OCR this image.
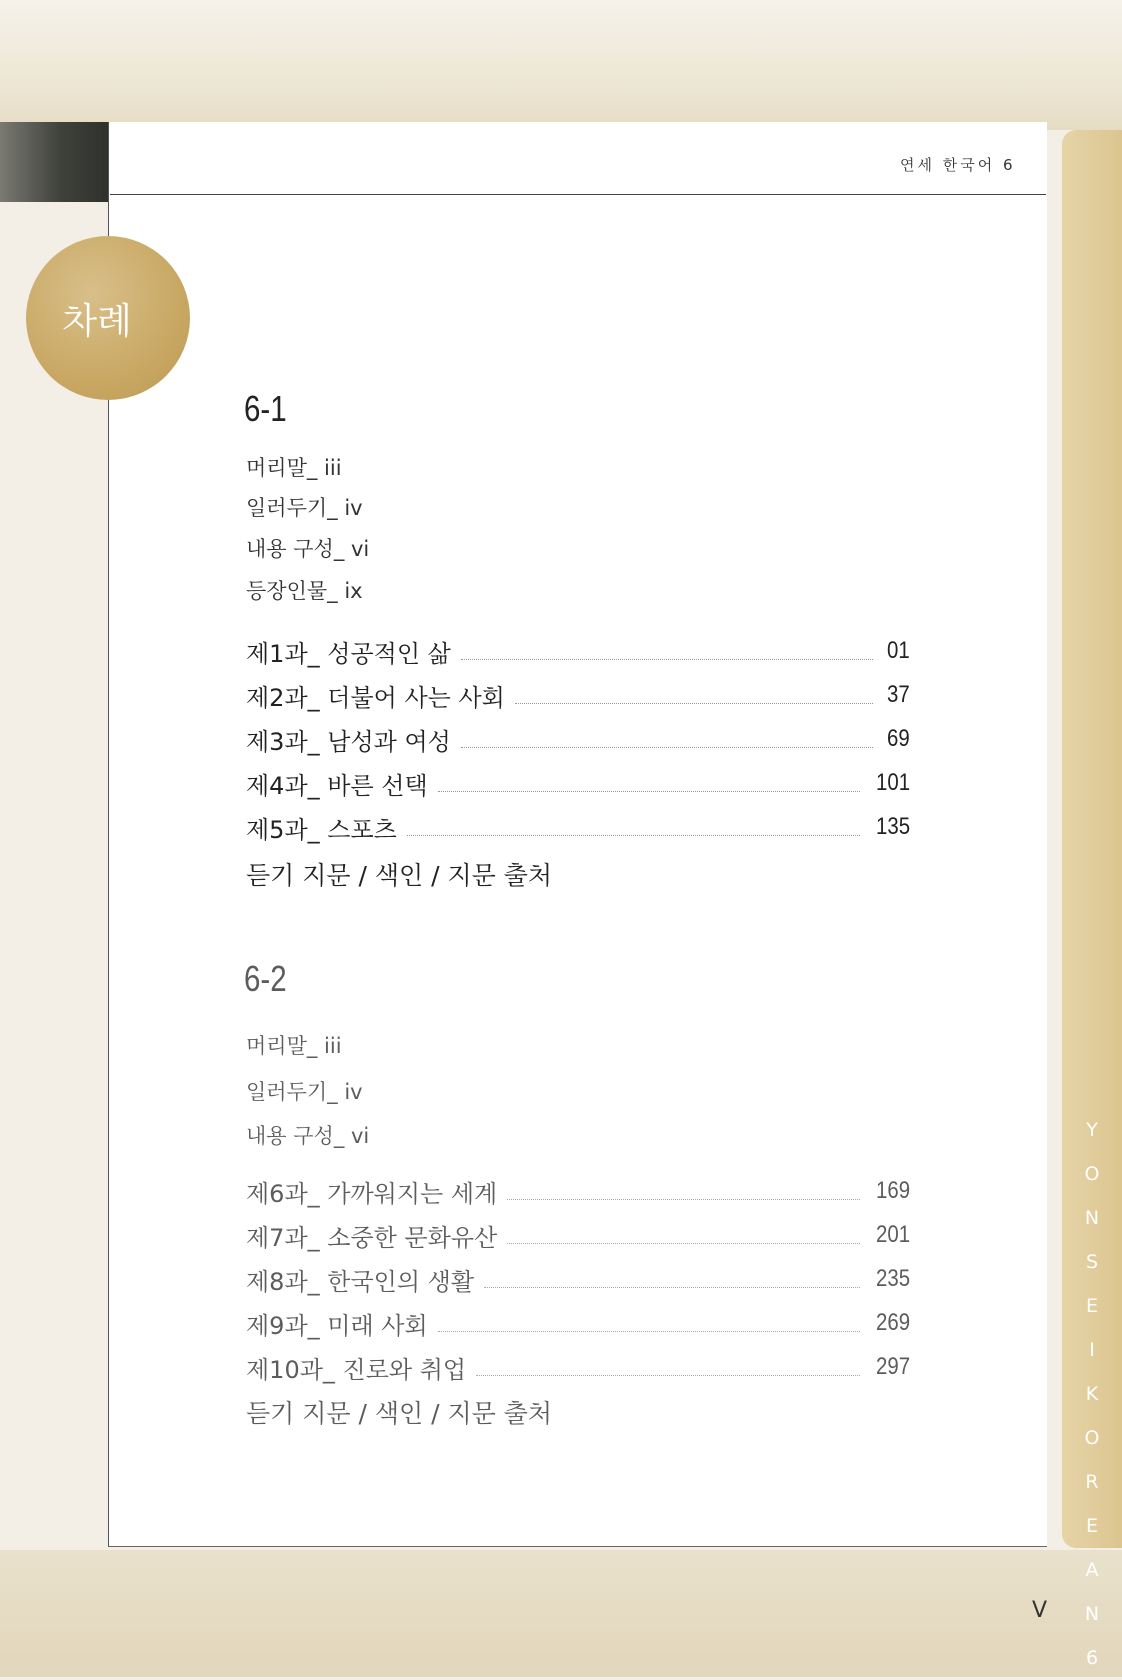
연세 한국어 6
차례
Y
O
N
S
E
I
K
O
R
E
A
N
6
6-1
머리말_ iii
일러두기_ iv
내용 구성_ vi
등장인물_ ix
제1과_ 성공적인 삶	01
제2과_ 더불어 사는 사회	37
제3과_ 남성과 여성	69
제4과_ 바른 선택	101
제5과_ 스포츠	135
듣기 지문 / 색인 / 지문 출처
6-2
머리말_ iii
일러두기_ iv
내용 구성_ vi
제6과_ 가까워지는 세계	169
제7과_ 소중한 문화유산	201
제8과_ 한국인의 생활	235
제9과_ 미래 사회	269
제10과_ 진로와 취업	297
듣기 지문 / 색인 / 지문 출처
V
